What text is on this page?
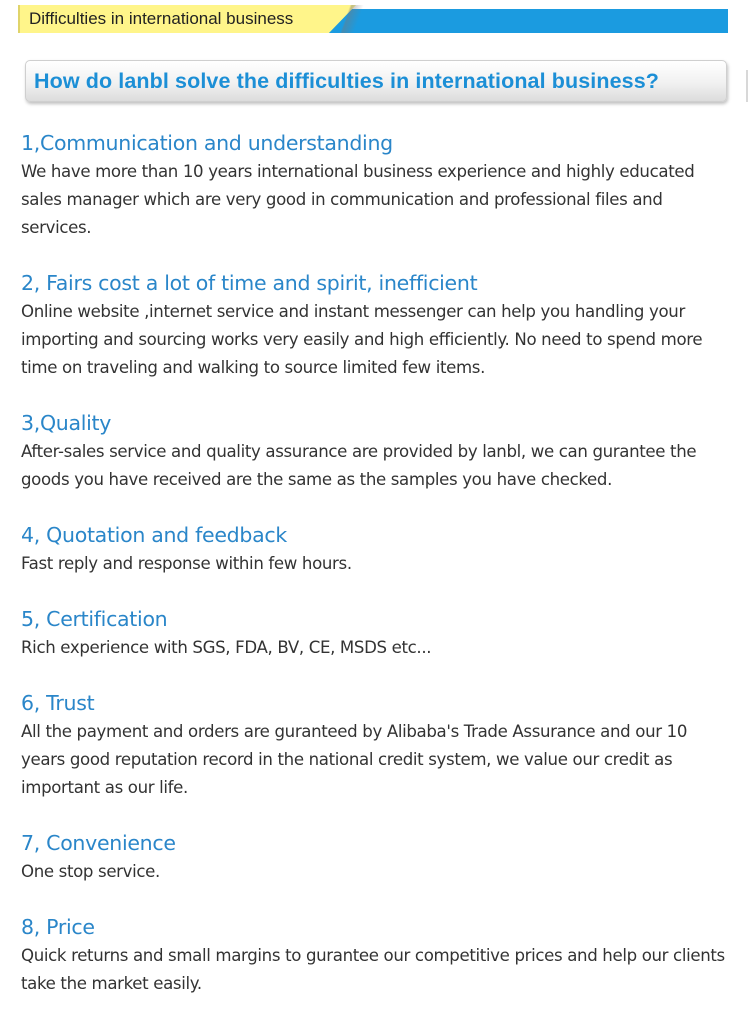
Difficulties in international business
How do lanbl solve the difficulties in international business?
1,Communication and understanding
We have more than 10 years international business experience and highly educated sales manager which are very good in communication and professional files and services.
2, Fairs cost a lot of time and spirit, inefficient
Online website ,internet service and instant messenger can help you handling your importing and sourcing works very easily and high efficiently. No need to spend more time on traveling and walking to source limited few items.
3,Quality
After-sales service and quality assurance are provided by lanbl, we can gurantee the goods you have received are the same as the samples you have checked.
4, Quotation and feedback
Fast reply and response within few hours.
5, Certification
Rich experience with SGS, FDA, BV, CE, MSDS etc...
6, Trust
All the payment and orders are guranteed by Alibaba's Trade Assurance and our 10 years good reputation record in the national credit system, we value our credit as important as our life.
7, Convenience
One stop service.
8, Price
Quick returns and small margins to gurantee our competitive prices and help our clients take the market easily.
